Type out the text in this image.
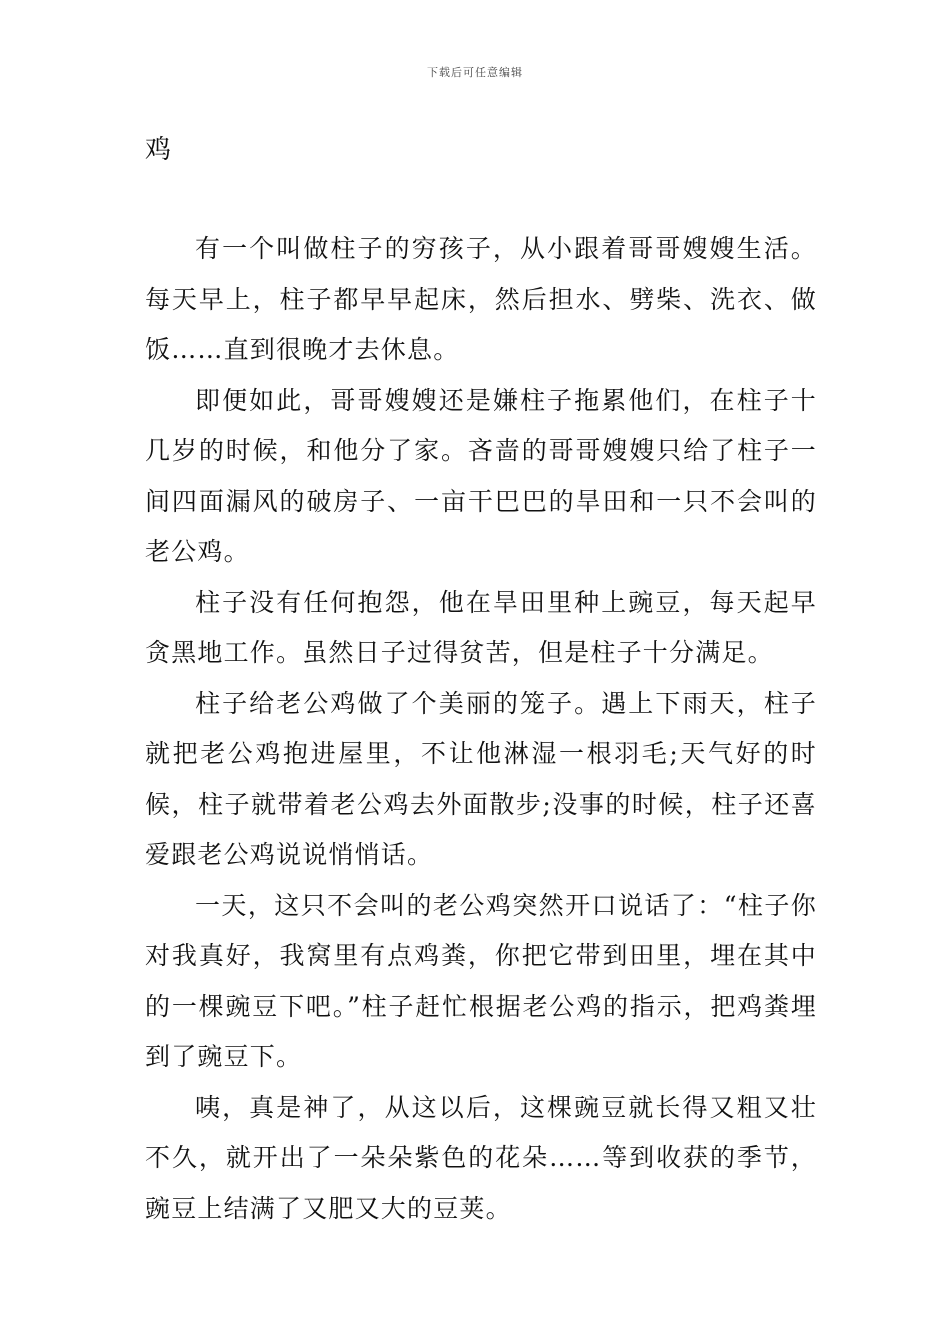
下载后可任意编辑
鸡

有一个叫做柱子的穷孩子，从小跟着哥哥嫂嫂生活。每天早上，柱子都早早起床，然后担水、劈柴、洗衣、做饭……直到很晚才去休息。

即便如此，哥哥嫂嫂还是嫌柱子拖累他们，在柱子十几岁的时候，和他分了家。吝啬的哥哥嫂嫂只给了柱子一间四面漏风的破房子、一亩干巴巴的旱田和一只不会叫的老公鸡。

柱子没有任何抱怨，他在旱田里种上豌豆，每天起早贪黑地工作。虽然日子过得贫苦，但是柱子十分满足。

柱子给老公鸡做了个美丽的笼子。遇上下雨天，柱子就把老公鸡抱进屋里，不让他淋湿一根羽毛;天气好的时候，柱子就带着老公鸡去外面散步;没事的时候，柱子还喜爱跟老公鸡说说悄悄话。

一天，这只不会叫的老公鸡突然开口说话了：“柱子你对我真好，我窝里有点鸡粪，你把它带到田里，埋在其中的一棵豌豆下吧。”柱子赶忙根据老公鸡的指示，把鸡粪埋到了豌豆下。

咦，真是神了，从这以后，这棵豌豆就长得又粗又壮不久，就开出了一朵朵紫色的花朵……等到收获的季节，豌豆上结满了又肥又大的豆荚。
